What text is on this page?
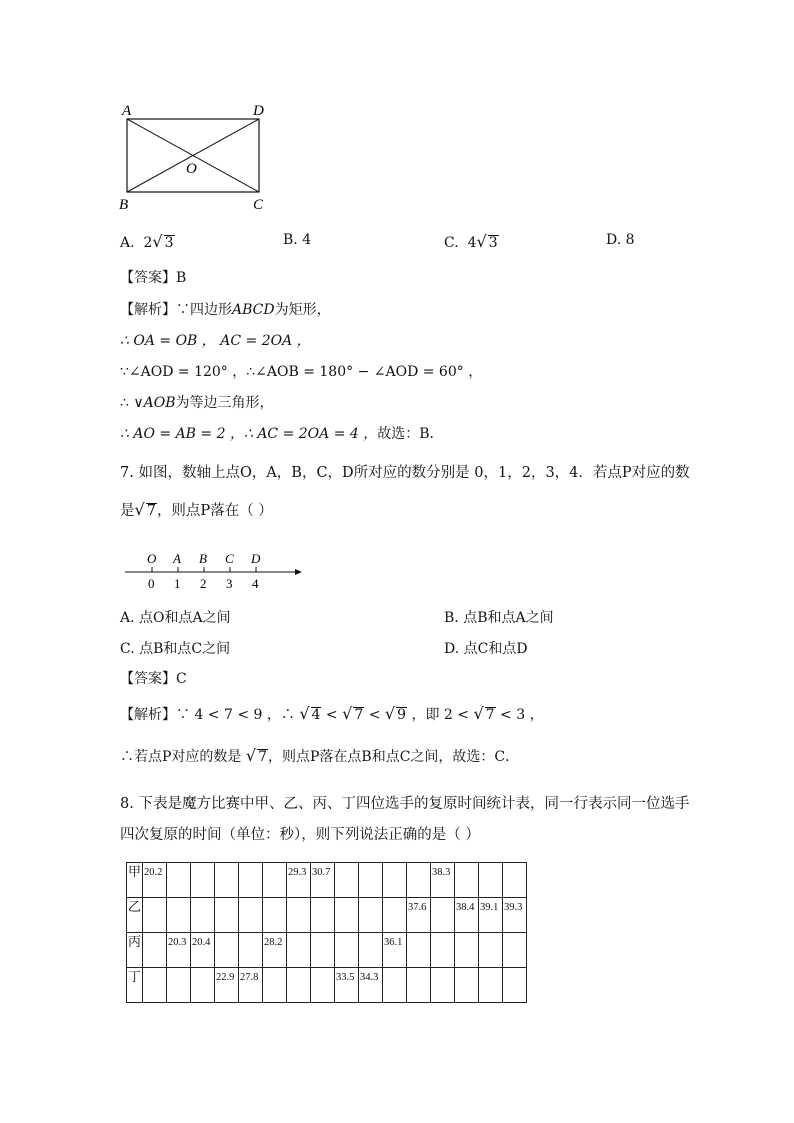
A	D
B	C
O
A. 2√ 3	B. 4	C. 4√ 3	D. 8
【答案】B
【解析】∵四边形ABCD为矩形，
∴ OA = OB ， AC = 2OA ，
∵∠AOD = 120° ，∴∠AOB = 180° − ∠AOD = 60° ，
∴ ∨AOB为等边三角形，
∴ AO = AB = 2 ，∴ AC = 2OA = 4 ，故选：B．
7. 如图，数轴上点O，A，B，C，D所对应的数分别是 0，1，2，3，4．若点P对应的数
是√ 7，则点P落在（ ）
O A B C D
0 1 2 3 4
A. 点O和点A之间	B. 点B和点A之间
C. 点B和点C之间	D. 点C和点D
【答案】C
【解析】∵ 4 < 7 < 9 ，∴ √ 4 < √ 7 < √ 9 ，即 2 < √ 7 < 3 ，
∴若点P对应的数是 √ 7，则点P落在点B和点C之间，故选：C．
8. 下表是魔方比赛中甲、乙、丙、丁四位选手的复原时间统计表，同一行表示同一位选手
四次复原的时间（单位：秒），则下列说法正确的是（ ）
甲	20.2						29.3	30.7					38.3			
乙												37.6		38.4	39.1	39.3
丙		20.3	20.4			28.2					36.1					
丁				22.9	27.8				33.5	34.3						
